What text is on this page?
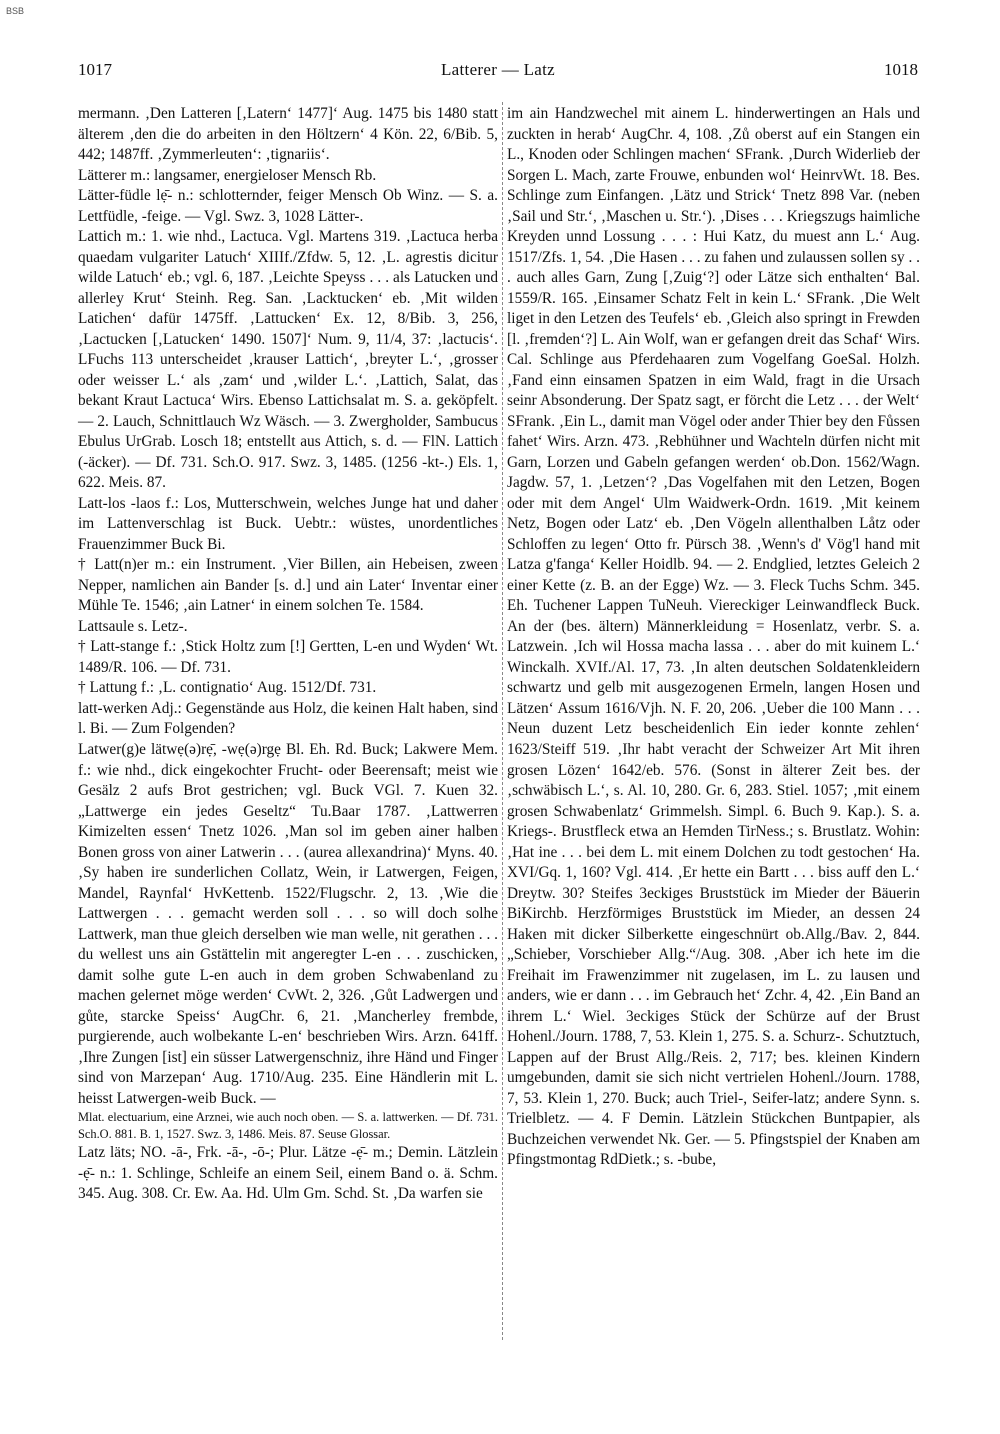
BSB
1017	Latterer — Latz	1018

mermann. ‚Den Latteren [‚Latern‘ 1477]‘ Aug. 1475 bis 1480 statt älterem ‚den die do arbeiten in den Höltzern‘ 4 Kön. 22, 6/Bib. 5, 442; 1487ff. ‚Zymmerleuten‘: ‚tignariis‘.

Lätterer m.: langsamer, energieloser Mensch Rb.

Lätter-füdle lẹ̄- n.: schlotternder, feiger Mensch Ob Winz. — S. a. Lettfüdle, -feige. — Vgl. Swz. 3, 1028 Lätter-.

Lattich m.: 1. wie nhd., Lactuca. Vgl. Martens 319. ‚Lactuca herba quaedam vulgariter Latuch‘ XIIIf./Zfdw. 5, 12. ‚L. agrestis dicitur wilde Latuch‘ eb.; vgl. 6, 187. ‚Leichte Speyss . . . als Latucken und allerley Krut‘ Steinh. Reg. San. ‚Lacktucken‘ eb. ‚Mit wilden Latichen‘ dafür 1475ff. ‚Lattucken‘ Ex. 12, 8/Bib. 3, 256, ‚Lactucken [‚Latucken‘ 1490. 1507]‘ Num. 9, 11/4, 37: ‚lactucis‘. LFuchs 113 unterscheidet ‚krauser Lattich‘, ‚breyter L.‘, ‚grosser oder weisser L.‘ als ‚zam‘ und ‚wilder L.‘. ‚Lattich, Salat, das bekant Kraut Lactuca‘ Wirs. Ebenso Lattichsalat m. S. a. geköpfelt. — 2. Lauch, Schnittlauch Wz Wäsch. — 3. Zwergholder, Sambucus Ebulus UrGrab. Losch 18; entstellt aus Attich, s. d. — FlN. Lattich (-äcker). — Df. 731. Sch.O. 917. Swz. 3, 1485. (1256 -kt-.) Els. 1, 622. Meis. 87.

Latt-los -laos f.: Los, Mutterschwein, welches Junge hat und daher im Lattenverschlag ist Buck. Uebtr.: wüstes, unordentliches Frauenzimmer Buck Bi.

† Latt(n)er m.: ein Instrument. ‚Vier Billen, ain Hebeisen, zween Nepper, namlichen ain Bander [s. d.] und ain Later‘ Inventar einer Mühle Te. 1546; ‚ain Latner‘ in einem solchen Te. 1584.

Lattsaule s. Letz-.

† Latt-stange f.: ‚Stick Holtz zum [!] Gertten, L-en und Wyden‘ Wt. 1489/R. 106. — Df. 731.

† Lattung f.: ‚L. contignatio‘ Aug. 1512/Df. 731.

latt-werken Adj.: Gegenstände aus Holz, die keinen Halt haben, sind l. Bi. — Zum Folgenden?

Latwer(g)e lätwẹ(ə)rẹ̄, -wẹ(ə)rgẹ Bl. Eh. Rd. Buck; Lakwere Mem. f.: wie nhd., dick eingekochter Frucht- oder Beerensaft; meist wie Gesälz 2 aufs Brot gestrichen; vgl. Buck VGl. 7. Kuen 32. „Lattwerge ein jedes Geseltz“ Tu.Baar 1787. ‚Lattwerren Kimizelten essen‘ Tnetz 1026. ‚Man sol im geben ainer halben Bonen gross von ainer Latwerin . . . (aurea allexandrina)‘ Myns. 40. ‚Sy haben ire sunderlichen Collatz, Wein, ir Latwergen, Feigen, Mandel, Raynfal‘ HvKettenb. 1522/Flugschr. 2, 13. ‚Wie die Lattwergen . . . gemacht werden soll . . . so will doch solhe Lattwerk, man thue gleich derselben wie man welle, nit gerathen . . . du wellest uns ain Gstättelin mit angeregter L-en . . . zuschicken, damit solhe gute L-en auch in dem groben Schwabenland zu machen gelernet möge werden‘ CvWt. 2, 326. ‚Gůt Ladwergen und gůte, starcke Speiss‘ AugChr. 6, 21. ‚Mancherley frembde, purgierende, auch wolbekante L-en‘ beschrieben Wirs. Arzn. 641ff. ‚Ihre Zungen [ist] ein süsser Latwergenschniz, ihre Händ und Finger sind von Marzepan‘ Aug. 1710/Aug. 235. Eine Händlerin mit L. heisst Latwergen-weib Buck. —

Mlat. electuarium, eine Arznei, wie auch noch oben. — S. a. lattwerken. — Df. 731. Sch.O. 881. B. 1, 1527. Swz. 3, 1486. Meis. 87. Seuse Glossar.

Latz läts; NO. -ā-, Frk. -ā-, -ō-; Plur. Lätze -ẹ̄- m.; Demin. Lätzlein -ẹ̄- n.: 1. Schlinge, Schleife an einem Seil, einem Band o. ä. Schm. 345. Aug. 308. Cr. Ew. Aa. Hd. Ulm Gm. Schd. St. ‚Da warfen sie

im ain Handzwechel mit ainem L. hinderwertingen an Hals und zuckten in herab‘ AugChr. 4, 108. ‚Zů oberst auf ein Stangen ein L., Knoden oder Schlingen machen‘ SFrank. ‚Durch Widerlieb der Sorgen L. Mach, zarte Frouwe, enbunden wol‘ HeinrvWt. 18. Bes. Schlinge zum Einfangen. ‚Lätz und Strick‘ Tnetz 898 Var. (neben ‚Sail und Str.‘, ‚Maschen u. Str.‘). ‚Dises . . . Kriegszugs haimliche Kreyden unnd Lossung . . . : Hui Katz, du muest ann L.‘ Aug. 1517/Zfs. 1, 54. ‚Die Hasen . . . zu fahen und zulaussen sollen sy . . . auch alles Garn, Zung [‚Zuig‘?] oder Lätze sich enthalten‘ Bal. 1559/R. 165. ‚Einsamer Schatz Felt in kein L.‘ SFrank. ‚Die Welt liget in den Letzen des Teufels‘ eb. ‚Gleich also springt in Frewden [l. ‚fremden‘?] L. Ain Wolf, wan er gefangen dreit das Schaf‘ Wirs. Cal. Schlinge aus Pferdehaaren zum Vogelfang GoeSal. Holzh. ‚Fand einn einsamen Spatzen in eim Wald, fragt in die Ursach seinr Absonderung. Der Spatz sagt, er förcht die Letz . . . der Welt‘ SFrank. ‚Ein L., damit man Vögel oder ander Thier bey den Fůssen fahet‘ Wirs. Arzn. 473. ‚Rebhühner und Wachteln dürfen nicht mit Garn, Lorzen und Gabeln gefangen werden‘ ob.Don. 1562/Wagn. Jagdw. 57, 1. ‚Letzen‘? ‚Das Vogelfahen mit den Letzen, Bogen oder mit dem Angel‘ Ulm Waidwerk-Ordn. 1619. ‚Mit keinem Netz, Bogen oder Latz‘ eb. ‚Den Vögeln allenthalben Låtz oder Schloffen zu legen‘ Otto fr. Pürsch 38. ‚Wenn's d' Vög'l hand mit Latza g'fanga‘ Keller Hoidlb. 94. — 2. Endglied, letztes Geleich 2 einer Kette (z. B. an der Egge) Wz. — 3. Fleck Tuchs Schm. 345. Eh. Tuchener Lappen TuNeuh. Viereckiger Leinwandfleck Buck. An der (bes. ältern) Männerkleidung = Hosenlatz, verbr. S. a. Latzwein. ‚Ich wil Hossa macha lassa . . . aber do mit kuinem L.‘ Winckalh. XVIf./Al. 17, 73. ‚In alten deutschen Soldatenkleidern schwartz und gelb mit ausgezogenen Ermeln, langen Hosen und Lätzen‘ Assum 1616/Vjh. N. F. 20, 206. ‚Ueber die 100 Mann . . . Neun duzent Letz bescheidenlich Ein ieder konnte zehlen‘ 1623/Steiff 519. ‚Ihr habt veracht der Schweizer Art Mit ihren grosen Lözen‘ 1642/eb. 576. (Sonst in älterer Zeit bes. der ‚schwäbisch L.‘, s. Al. 10, 280. Gr. 6, 283. Stiel. 1057; ‚mit einem grosen Schwabenlatz‘ Grimmelsh. Simpl. 6. Buch 9. Kap.). S. a. Kriegs-. Brustfleck etwa an Hemden TirNess.; s. Brustlatz. Wohin: ‚Hat ine . . . bei dem L. mit einem Dolchen zu todt gestochen‘ Ha. XVI/Gq. 1, 160? Vgl. 414. ‚Er hette ein Bartt . . . biss auff den L.‘ Dreytw. 30? Steifes 3eckiges Bruststück im Mieder der Bäuerin BiKirchb. Herzförmiges Bruststück im Mieder, an dessen 24 Haken mit dicker Silberkette eingeschnürt ob.Allg./Bav. 2, 844. „Schieber, Vorschieber Allg.“/Aug. 308. ‚Aber ich hete im die Freihait im Frawenzimmer nit zugelasen, im L. zu lausen und anders, wie er dann . . . im Gebrauch het‘ Zchr. 4, 42. ‚Ein Band an ihrem L.‘ Wiel. 3eckiges Stück der Schürze auf der Brust Hohenl./Journ. 1788, 7, 53. Klein 1, 275. S. a. Schurz-. Schutztuch, Lappen auf der Brust Allg./Reis. 2, 717; bes. kleinen Kindern umgebunden, damit sie sich nicht vertrielen Hohenl./Journ. 1788, 7, 53. Klein 1, 270. Buck; auch Triel-, Seifer-latz; andere Synn. s. Trielbletz. — 4. F Demin. Lätzlein Stückchen Buntpapier, als Buchzeichen verwendet Nk. Ger. — 5. Pfingstspiel der Knaben am Pfingstmontag RdDietk.; s. -bube,
